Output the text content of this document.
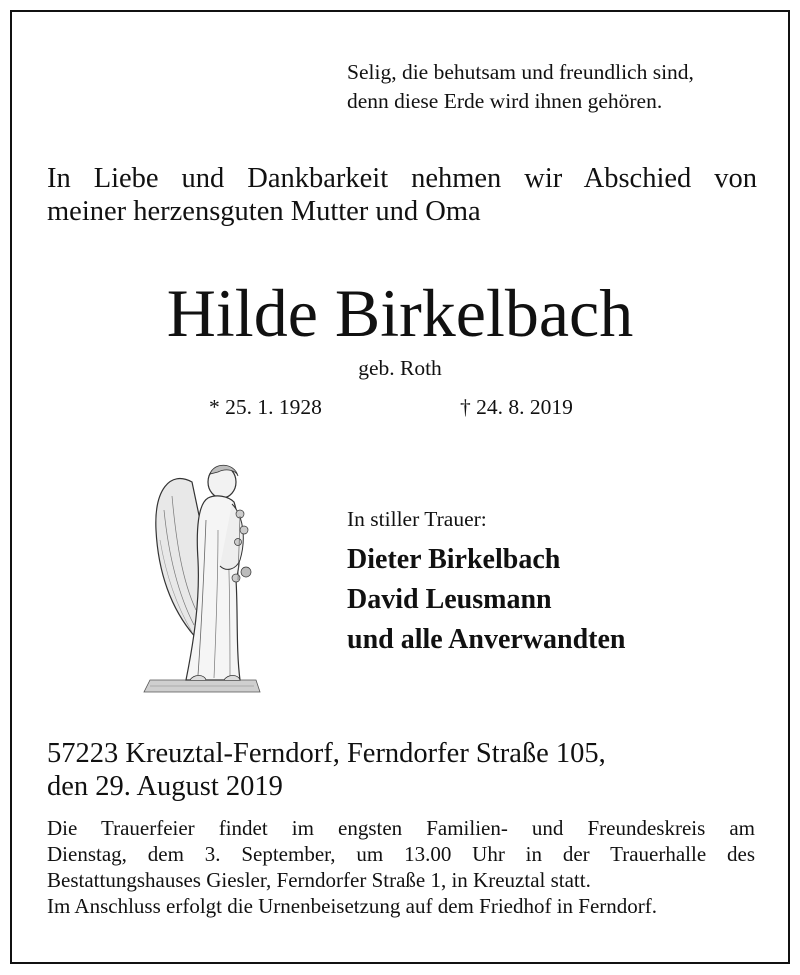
Selig, die behutsam und freundlich sind,
denn diese Erde wird ihnen gehören.
In Liebe und Dankbarkeit nehmen wir Abschied von
meiner herzensguten Mutter und Oma
Hilde Birkelbach
geb. Roth
* 25. 1. 1928	† 24. 8. 2019
In stiller Trauer:
Dieter Birkelbach
David Leusmann
und alle Anverwandten
57223 Kreuztal-Ferndorf, Ferndorfer Straße 105,
den 29. August 2019
Die Trauerfeier findet im engsten Familien- und Freundeskreis am
Dienstag, dem 3. September, um 13.00 Uhr in der Trauerhalle des
Bestattungshauses Giesler, Ferndorfer Straße 1, in Kreuztal statt.
Im Anschluss erfolgt die Urnenbeisetzung auf dem Friedhof in Ferndorf.
